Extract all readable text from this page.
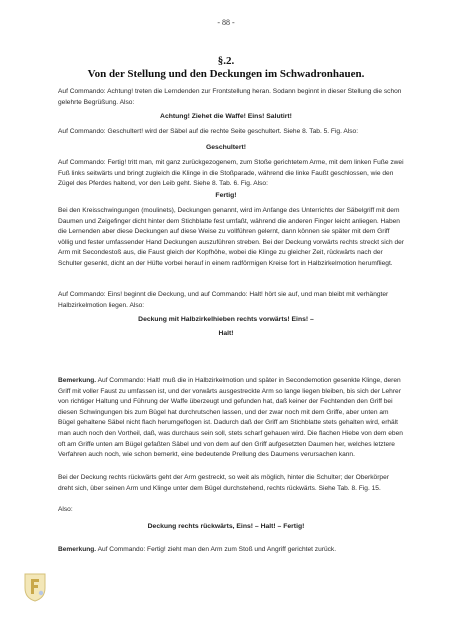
- 88 -
§.2.
Von der Stellung und den Deckungen im Schwadronhauen.

Auf Commando: Achtung! treten die Lerndenden zur Frontstellung heran. Sodann beginnt in dieser Stellung die schon gelehrte Begrüßung. Also:

Achtung! Ziehet die Waffe! Eins! Salutirt!

Auf Commando: Geschultert! wird der Säbel auf die rechte Seite geschultert. Siehe 8. Tab. 5. Fig. Also:

Geschultert!

Auf Commando: Fertig! tritt man, mit ganz zurückgezogenem, zum Stoße gerichtetem Arme, mit dem linken Fuße zwei Fuß links seitwärts und bringt zugleich die Klinge in die Stoßparade, während die linke Faußt geschlossen, wie den Zügel des Pferdes haltend, vor den Leib geht. Siehe 8. Tab. 6. Fig. Also:

Fertig!

Bei den Kreisschwingungen (moulinets), Deckungen genannt, wird im Anfange des Unterrichts der Säbelgriff mit dem Daumen und Zeigefinger dicht hinter dem Stichblatte fest umfaßt, während die anderen Finger leicht anliegen. Haben die Lernenden aber diese Deckungen auf diese Weise zu vollführen gelernt, dann können sie später mit dem Griff völlig und fester umfassender Hand Deckungen auszuführen streben. Bei der Deckung vorwärts rechts streckt sich der Arm mit Secondestoß aus, die Faust gleich der Kopfhöhe, wobei die Klinge zu gleicher Zeit, rückwärts nach der Schulter gesenkt, dicht an der Hüfte vorbei herauf in einem radförmigen Kreise fort in Halbzirkelmotion herumfliegt.

Auf Commando: Eins! beginnt die Deckung, und auf Commando: Halt! hört sie auf, und man bleibt mit verhängter Halbzirkelmotion liegen. Also:

Deckung mit Halbzirkelhieben rechts vorwärts! Eins! –

Halt!

Bemerkung. Auf Commando: Halt! muß die in Halbzirkelmotion und später in Secondemotion gesenkte Klinge, deren Griff mit voller Faust zu umfassen ist, und der vorwärts ausgestreckte Arm so lange liegen bleiben, bis sich der Lehrer von richtiger Haltung und Führung der Waffe überzeugt und gefunden hat, daß keiner der Fechtenden den Griff bei diesen Schwingungen bis zum Bügel hat durchrutschen lassen, und der zwar noch mit dem Griffe, aber unten am Bügel gehaltene Säbel nicht flach herumgeflogen ist. Dadurch daß der Griff am Stichblatte stets gehalten wird, erhält man auch noch den Vortheil, daß, was durchaus sein soll, stets scharf gehauen wird. Die flachen Hiebe von dem eben oft am Griffe unten am Bügel gefaßten Säbel und von dem auf den Griff aufgesetzten Daumen her, welches letztere Verfahren auch noch, wie schon bemerkt, eine bedeutende Prellung des Daumens verursachen kann.

Bei der Deckung rechts rückwärts geht der Arm gestreckt, so weit als möglich, hinter die Schulter; der Oberkörper dreht sich, über seinen Arm und Klinge unter dem Bügel durchstehend, rechts rückwärts. Siehe Tab. 8. Fig. 15.

Also:

Deckung rechts rückwärts, Eins! – Halt! – Fertig!

Bemerkung. Auf Commando: Fertig! zieht man den Arm zum Stoß und Angriff gerichtet zurück.
